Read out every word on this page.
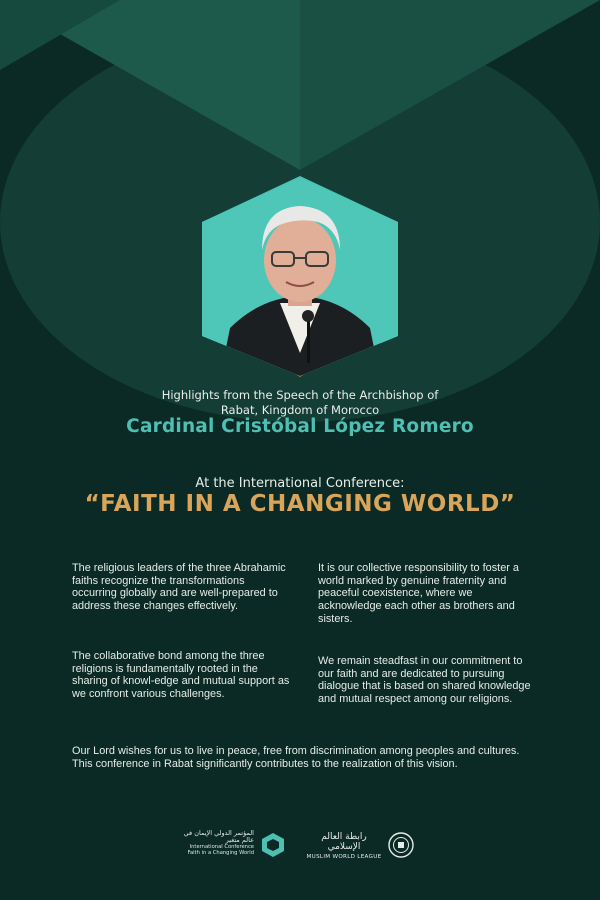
Highlights from the Speech of the Archbishop of
Rabat, Kingdom of Morocco
Cardinal Cristóbal López Romero
At the International Conference:
“FAITH IN A CHANGING WORLD”

The religious leaders of the three Abrahamic faiths recognize the transformations occurring globally and are well-prepared to address these changes effectively.

The collaborative bond among the three religions is fundamentally rooted in the sharing of knowl-edge and mutual support as we confront various challenges.

It is our collective responsibility to foster a world marked by genuine fraternity and peaceful coexistence, where we acknowledge each other as brothers and sisters.

We remain steadfast in our commitment to our faith and are dedicated to pursuing dialogue that is based on shared knowledge and mutual respect among our religions.

Our Lord wishes for us to live in peace, free from discrimination among peoples and cultures. This conference in Rabat significantly contributes to the realization of this vision.

المؤتمر الدولي الإيمان في عالم متغير
International Conference
Faith in a Changing World
رابطة العالم الإسلامي
MUSLIM WORLD LEAGUE
